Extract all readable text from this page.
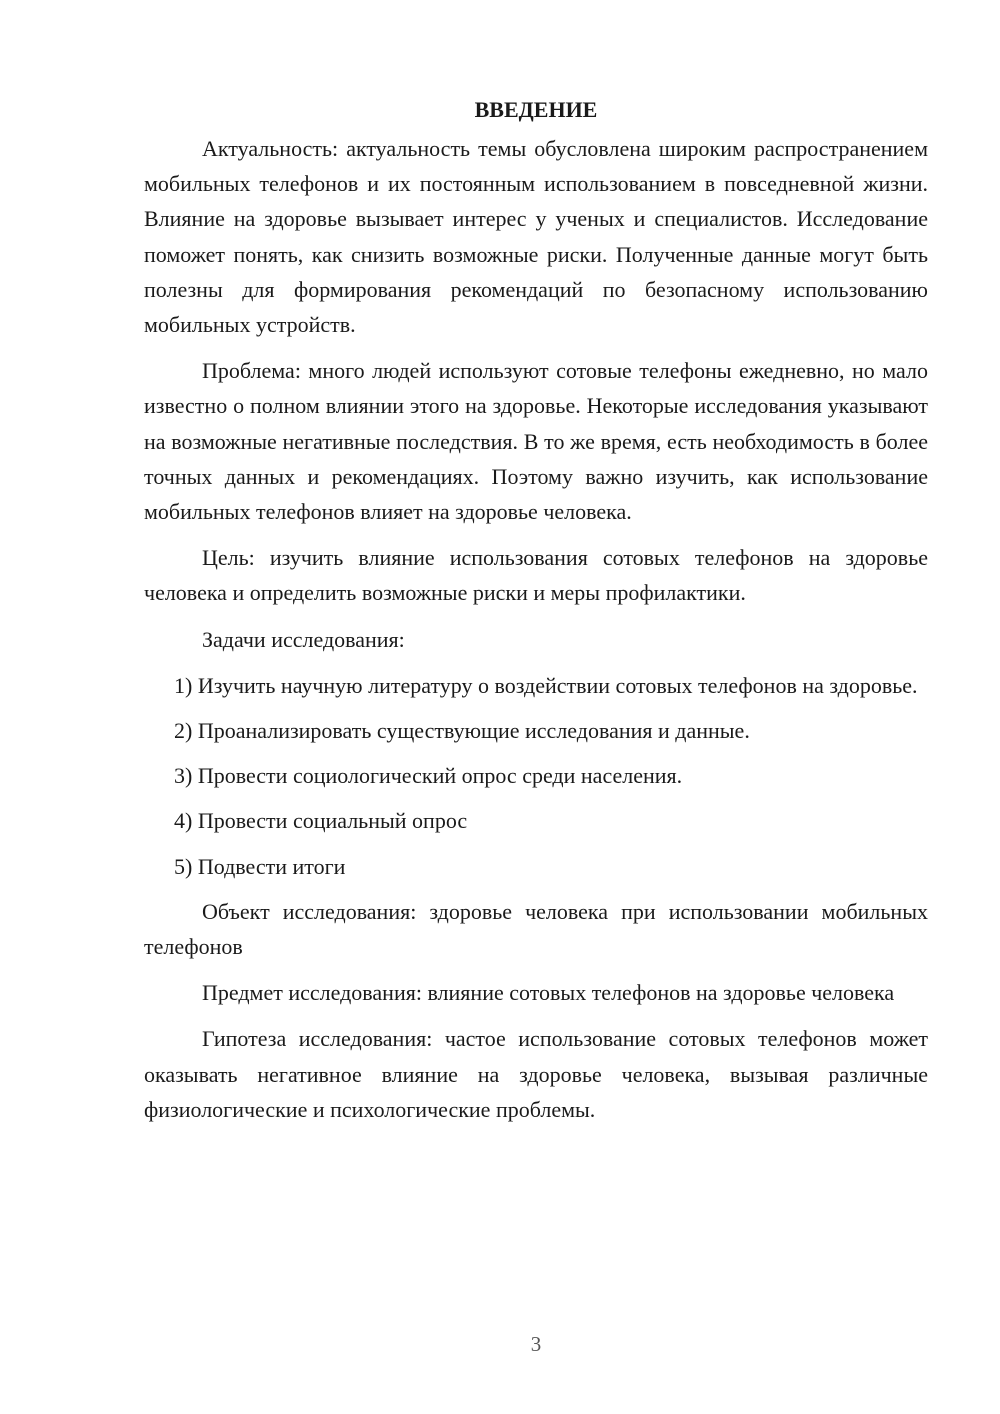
ВВЕДЕНИЕ

Актуальность: актуальность темы обусловлена широким распространением мобильных телефонов и их постоянным использованием в повседневной жизни. Влияние на здоровье вызывает интерес у ученых и специалистов. Исследование поможет понять, как снизить возможные риски. Полученные данные могут быть полезны для формирования рекомендаций по безопасному использованию мобильных устройств.

Проблема: много людей используют сотовые телефоны ежедневно, но мало известно о полном влиянии этого на здоровье. Некоторые исследования указывают на возможные негативные последствия. В то же время, есть необходимость в более точных данных и рекомендациях. Поэтому важно изучить, как использование мобильных телефонов влияет на здоровье человека.

Цель: изучить влияние использования сотовых телефонов на здоровье человека и определить возможные риски и меры профилактики.

Задачи исследования:

1) Изучить научную литературу о воздействии сотовых телефонов на здоровье.

2) Проанализировать существующие исследования и данные.

3) Провести социологический опрос среди населения.

4) Провести социальный опрос

5) Подвести итоги

Объект исследования: здоровье человека при использовании мобильных телефонов

Предмет исследования: влияние сотовых телефонов на здоровье человека

Гипотеза исследования: частое использование сотовых телефонов может оказывать негативное влияние на здоровье человека, вызывая различные физиологические и психологические проблемы.

3
